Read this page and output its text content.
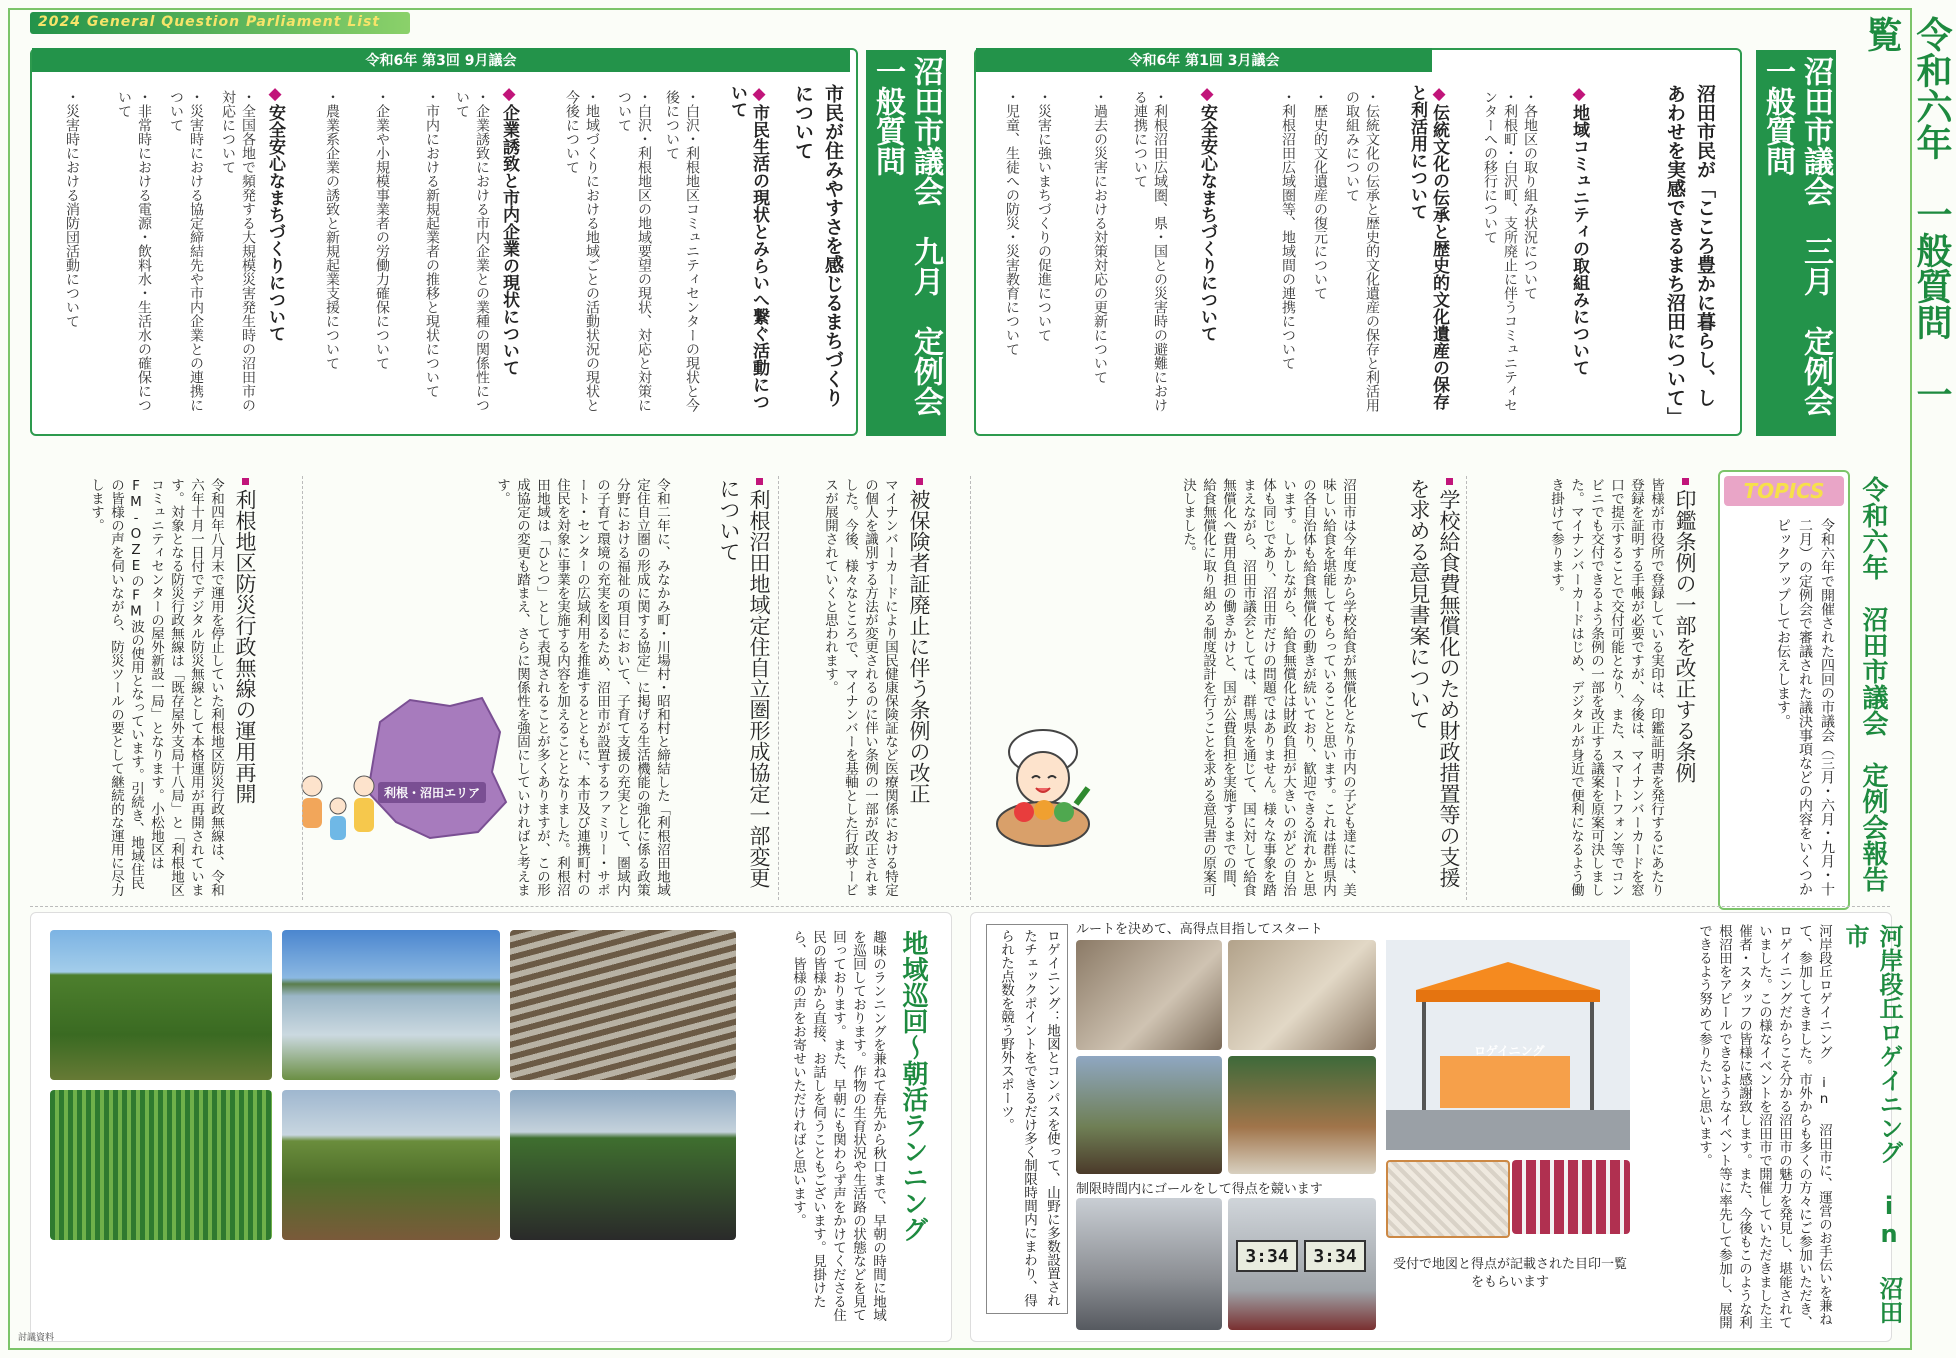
2024 General Question Parliament List	令和六年　一般質問　一覧
令和6年 第1回 3月議会	沼田市議会　三月　定例会　一般質問
沼田市民が「こころ豊かに暮らし、しあわせを実感できるまち沼田について」
◆地域コミュニティの取組みについて
・各地区の取り組み状況について
・利根町・白沢町、支所廃止に伴うコミュニティセンターへの移行について
◆伝統文化の伝承と歴史的文化遺産の保存と利活用について
・伝統文化の伝承と歴史的文化遺産の保存と利活用の取組みについて
・歴史的文化遺産の復元について
・利根沼田広域圏等、地域間の連携について
◆安全安心なまちづくりについて
・利根沼田広域圏、県・国との災害時の避難における連携について
・過去の災害における対策対応の更新について
・災害に強いまちづくりの促進について
・児童、生徒への防災・災害教育について
令和6年 第3回 9月議会	沼田市議会　九月　定例会　一般質問
市民が住みやすさを感じるまちづくりについて
◆市民生活の現状とみらいへ繋ぐ活動について
・白沢・利根地区コミュニティセンターの現状と今後について
・白沢・利根地区の地域要望の現状、対応と対策について
・地域づくりにおける地域ごとの活動状況の現状と今後について
◆企業誘致と市内企業の現状について
・企業誘致における市内企業との業種の関係性について
・市内における新規起業者の推移と現状について
・企業や小規模事業者の労働力確保について
・農業系企業の誘致と新規起業支援について
◆安全安心なまちづくりについて
・全国各地で頻発する大規模災害発生時の沼田市の対応について
・災害時における協定締結先や市内企業との連携について
・非常時における電源・飲料水・生活水の確保について
・災害時における消防団活動について
TOPICS	令和六年　沼田市議会　定例会報告
令和六年で開催された四回の市議会（三月・六月・九月・十二月）の定例会で審議された議決事項などの内容をいくつかピックアップしてお伝えします。
印鑑条例の一部を改正する条例
皆様が市役所で登録している実印は、印鑑証明書を発行するにあたり登録を証明する手帳が必要ですが、今後は、マイナンバーカードを窓口で提示することで交付可能となり、また、スマートフォン等でコンビニでも交付できるよう条例の一部を改正する議案を原案可決しました。マイナンバーカードはじめ、デジタルが身近で便利になるよう働き掛けて参ります。
学校給食費無償化のため財政措置等の支援を求める意見書案について
沼田市は今年度から学校給食が無償化となり市内の子ども達には、美味しい給食を堪能してもらっていることと思います。これは群馬県内の各自治体も給食無償化の動きが続いており、歓迎できる流れかと思います。しかしながら、給食無償化は財政負担が大きいのがどの自治体も同じであり、沼田市だけの問題ではありません。様々な事象を踏まえながら、沼田市議会としては、群馬県を通じて、国に対して給食無償化へ費用負担の働きかけと、国が公費負担を実施するまでの間、給食無償化に取り組める制度設計を行うことを求める意見書の原案可決しました。
被保険者証廃止に伴う条例の改正
マイナンバーカードにより国民健康保険証など医療関係における特定の個人を識別する方法が変更されるのに伴い条例の一部が改正されました。今後、様々なところで、マイナンバーを基軸とした行政サービスが展開されていくと思われます。
利根沼田地域定住自立圏形成協定一部変更について
令和二年に、みなかみ町・川場村・昭和村と締結した「利根沼田地域定住自立圏の形成に関する協定」に掲げる生活機能の強化に係る政策分野における福祉の項目において、子育て支援の充実として、圏域内の子育て環境の充実を図るため、沼田市が設置するファミリー・サポート・センターの広域利用を推進するとともに、本市及び連携町村の住民を対象に事業を実施する内容を加えることとなりました。利根沼田地域は「ひとつ」として表現されることが多くありますが、この形成協定の変更も踏まえ、さらに関係性を強固にしていければと考えます。
利根・沼田エリア
利根地区防災行政無線の運用再開
令和四年八月末で運用を停止していた利根地区防災行政無線は、令和六年十月一日付でデジタル防災無線として本格運用が再開されています。対象となる防災行政無線は「既存屋外支局十八局」と「利根地区コミュニティセンターの屋外新設一局」となります。小松地区はFM-OZEのFM波の使用となっています。引続き、地域住民の皆様の声を伺いながら、防災ツールの要として継続的な運用に尽力します。
地域巡回～朝活ランニング
趣味のランニングを兼ねて春先から秋口まで、早朝の時間に地域を巡回しております。作物の生育状況や生活路の状態などを見て回っております。また、早朝にも関わらず声をかけてくださる住民の皆様から直接、お話しを伺うこともございます。見掛けたら、皆様の声をお寄せいただければと思います。	河岸段丘ロゲイニング in 沼田市
河岸段丘ロゲイニング in 沼田市に、運営のお手伝いを兼ねて、参加してきました。市外からも多くの方々にご参加いただき、ロゲイニングだからこそ分かる沼田市の魅力を発見し、堪能されていました。この様なイベントを沼田市で開催していただきました主催者・スタッフの皆様に感謝致します。また、今後もこのような利根沼田をアピールできるようなイベント等に率先して参加し、展開できるよう努めて参りたいと思います。
ロゲイニング
受付で地図と得点が記載された目印一覧をもらいます
ルートを決めて、高得点目指してスタート
制限時間内にゴールをして得点を競います
3:34	3:34
ロゲイニング：地図とコンパスを使って、山野に多数設置されたチェックポイントをできるだけ多く制限時間内にまわり、得られた点数を競う野外スポーツ。
討議資料
